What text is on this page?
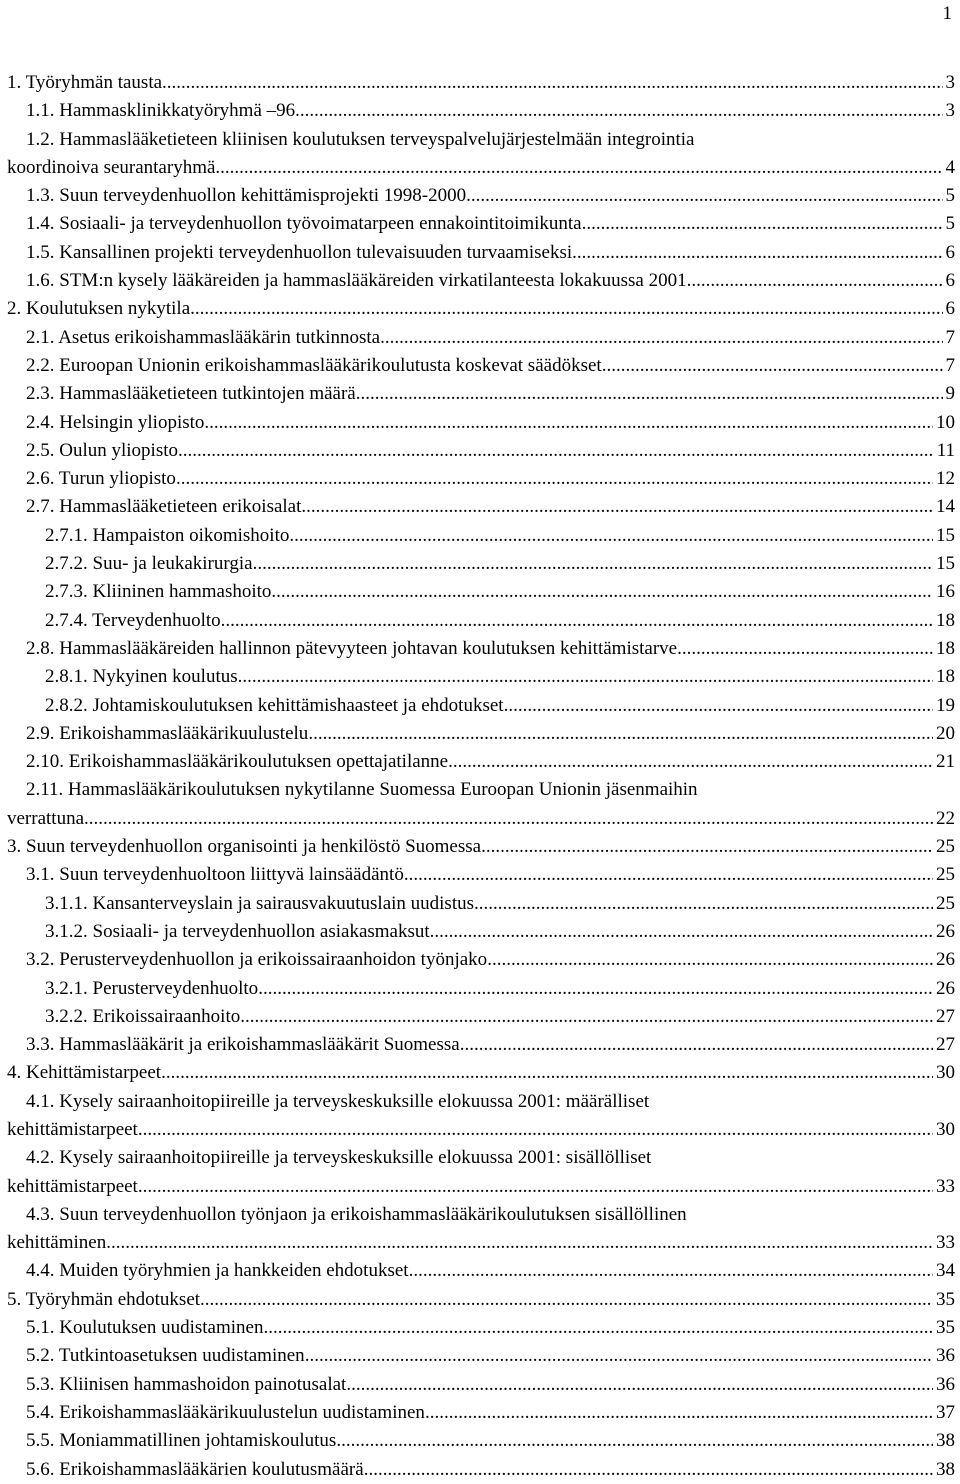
1
1. Työryhmän tausta .....	3
1.1. Hammasklinikkatyöryhmä –96 .....	3
1.2. Hammaslääketieteen kliinisen koulutuksen terveyspalvelujärjestelmään integrointia
koordinoiva seurantaryhmä .....	4
1.3. Suun terveydenhuollon kehittämisprojekti 1998-2000 .....	5
1.4. Sosiaali- ja terveydenhuollon työvoimatarpeen ennakointitoimikunta .....	5
1.5. Kansallinen projekti terveydenhuollon tulevaisuuden turvaamiseksi .....	6
1.6. STM:n kysely lääkäreiden ja hammaslääkäreiden virkatilanteesta lokakuussa 2001 .....	6
2. Koulutuksen nykytila .....	6
2.1. Asetus erikoishammaslääkärin tutkinnosta .....	7
2.2. Euroopan Unionin erikoishammaslääkärikoulutusta koskevat säädökset .....	7
2.3. Hammaslääketieteen tutkintojen määrä .....	9
2.4. Helsingin yliopisto .....	10
2.5. Oulun yliopisto .....	11
2.6. Turun yliopisto .....	12
2.7. Hammaslääketieteen erikoisalat .....	14
2.7.1. Hampaiston oikomishoito .....	15
2.7.2. Suu- ja leukakirurgia .....	15
2.7.3. Kliininen hammashoito .....	16
2.7.4. Terveydenhuolto .....	18
2.8. Hammaslääkäreiden hallinnon pätevyyteen johtavan koulutuksen kehittämistarve .....	18
2.8.1. Nykyinen koulutus .....	18
2.8.2. Johtamiskoulutuksen kehittämishaasteet ja ehdotukset .....	19
2.9. Erikoishammaslääkärikuulustelu .....	20
2.10. Erikoishammaslääkärikoulutuksen opettajatilanne .....	21
2.11. Hammaslääkärikoulutuksen nykytilanne Suomessa Euroopan Unionin jäsenmaihin
verrattuna .....	22
3. Suun terveydenhuollon organisointi ja henkilöstö Suomessa .....	25
3.1. Suun terveydenhuoltoon liittyvä lainsäädäntö .....	25
3.1.1. Kansanterveyslain ja sairausvakuutuslain uudistus .....	25
3.1.2. Sosiaali- ja terveydenhuollon asiakasmaksut .....	26
3.2. Perusterveydenhuollon ja erikoissairaanhoidon työnjako .....	26
3.2.1. Perusterveydenhuolto .....	26
3.2.2. Erikoissairaanhoito .....	27
3.3. Hammaslääkärit ja erikoishammaslääkärit Suomessa .....	27
4. Kehittämistarpeet .....	30
4.1. Kysely sairaanhoitopiireille ja terveyskeskuksille elokuussa 2001: määrälliset
kehittämistarpeet .....	30
4.2. Kysely sairaanhoitopiireille ja terveyskeskuksille elokuussa 2001: sisällölliset
kehittämistarpeet .....	33
4.3. Suun terveydenhuollon työnjaon ja erikoishammaslääkärikoulutuksen sisällöllinen
kehittäminen .....	33
4.4. Muiden työryhmien ja hankkeiden ehdotukset .....	34
5. Työryhmän ehdotukset .....	35
5.1. Koulutuksen uudistaminen .....	35
5.2. Tutkintoasetuksen uudistaminen .....	36
5.3. Kliinisen hammashoidon painotusalat .....	36
5.4. Erikoishammaslääkärikuulustelun uudistaminen .....	37
5.5. Moniammatillinen johtamiskoulutus .....	38
5.6. Erikoishammaslääkärien koulutusmäärä .....	38
